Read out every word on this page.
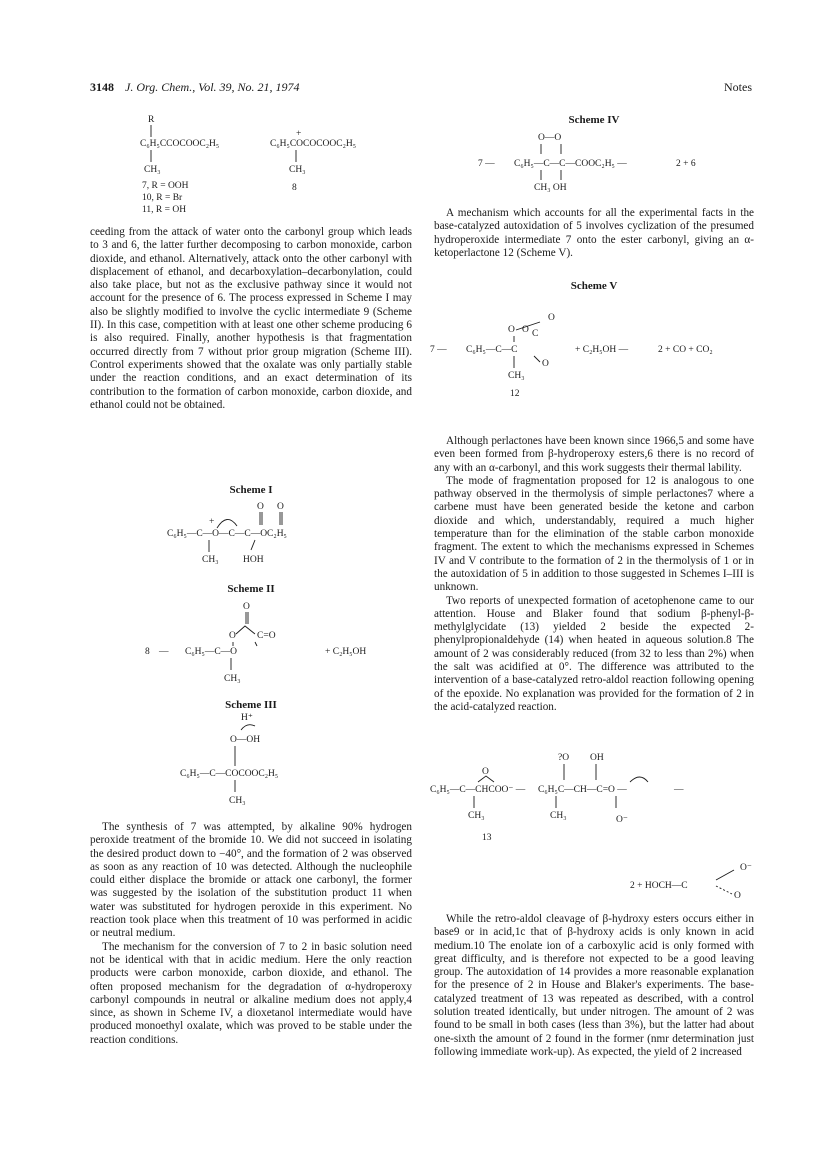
3148 J. Org. Chem., Vol. 39, No. 21, 1974	Notes
R
C₆H₅CCOCOOC₂H₅
CH₃
+
C₆H₅COCOCOOC₂H₅
CH₃
7, R = OOH
10, R = Br
11, R = OH
8

ceeding from the attack of water onto the carbonyl group which leads to 3 and 6, the latter further decomposing to carbon monoxide, carbon dioxide, and ethanol. Alternatively, attack onto the other carbonyl with displacement of ethanol, and decarboxylation–decarbonylation, could also take place, but not as the exclusive pathway since it would not account for the presence of 6. The process expressed in Scheme I may also be slightly modified to involve the cyclic intermediate 9 (Scheme II). In this case, competition with at least one other scheme producing 6 is also required. Finally, another hypothesis is that fragmentation occurred directly from 7 without prior group migration (Scheme III). Control experiments showed that the oxalate was only partially stable under the reaction conditions, and an exact determination of its contribution to the formation of carbon monoxide, carbon dioxide, and ethanol could not be obtained.

Scheme I
O O
+
C₆H₅—C—O—C—C—OC₂H₅
CH₃	HOH
Scheme II
O
O C=O
8 — C₆H₅—C—O	+ C₂H₅OH
CH₃
Scheme III
H⁺
O—OH
C₆H₅—C—COCOOC₂H₅
CH₃

The synthesis of 7 was attempted, by alkaline 90% hydrogen peroxide treatment of the bromide 10. We did not succeed in isolating the desired product down to −40°, and the formation of 2 was observed as soon as any reaction of 10 was detected. Although the nucleophile could either displace the bromide or attack one carbonyl, the former was suggested by the isolation of the substitution product 11 when water was substituted for hydrogen peroxide in this experiment. No reaction took place when this treatment of 10 was performed in acidic or neutral medium.

The mechanism for the conversion of 7 to 2 in basic solution need not be identical with that in acidic medium. Here the only reaction products were carbon monoxide, carbon dioxide, and ethanol. The often proposed mechanism for the degradation of α-hydroperoxy carbonyl compounds in neutral or alkaline medium does not apply,4 since, as shown in Scheme IV, a dioxetanol intermediate would have produced monoethyl oxalate, which was proved to be stable under the reaction conditions.

Scheme IV
O—O
7 — C₆H₅—C—C—COOC₂H₅ —	2 + 6
CH₃ OH

A mechanism which accounts for all the experimental facts in the base-catalyzed autoxidation of 5 involves cyclization of the presumed hydroperoxide intermediate 7 onto the ester carbonyl, giving an α-ketoperlactone 12 (Scheme V).

Scheme V
O
O O C
7 — C₆H₅—C—C	+ C₂H₅OH —	2 + CO + CO₂
O
CH₃
12

Although perlactones have been known since 1966,5 and some have even been formed from β-hydroperoxy esters,6 there is no record of any with an α-carbonyl, and this work suggests their thermal lability.

The mode of fragmentation proposed for 12 is analogous to one pathway observed in the thermolysis of simple perlactones7 where a carbene must have been generated beside the ketone and carbon dioxide and which, understandably, required a much higher temperature than for the elimination of the stable carbon monoxide fragment. The extent to which the mechanisms expressed in Schemes IV and V contribute to the formation of 2 in the thermolysis of 1 or in the autoxidation of 5 in addition to those suggested in Schemes I–III is unknown.

Two reports of unexpected formation of acetophenone came to our attention. House and Blaker found that sodium β-phenyl-β-methylglycidate (13) yielded 2 beside the expected 2-phenylpropionaldehyde (14) when heated in aqueous solution.8 The amount of 2 was considerably reduced (from 32 to less than 2%) when the salt was acidified at 0°. The difference was attributed to the intervention of a base-catalyzed retro-aldol reaction following opening of the epoxide. No explanation was provided for the formation of 2 in the acid-catalyzed reaction.

?O OH
O
C₆H₅—C—CHCOO⁻ — C₆H₅C—CH—C=O —	—
CH₃	CH₃	O⁻
13
O⁻
2 + HOCH—C
O

While the retro-aldol cleavage of β-hydroxy esters occurs either in base9 or in acid,1c that of β-hydroxy acids is only known in acid medium.10 The enolate ion of a carboxylic acid is only formed with great difficulty, and is therefore not expected to be a good leaving group. The autoxidation of 14 provides a more reasonable explanation for the presence of 2 in House and Blaker's experiments. The base-catalyzed treatment of 13 was repeated as described, with a control solution treated identically, but under nitrogen. The amount of 2 was found to be small in both cases (less than 3%), but the latter had about one-sixth the amount of 2 found in the former (nmr determination just following immediate work-up). As expected, the yield of 2 increased
